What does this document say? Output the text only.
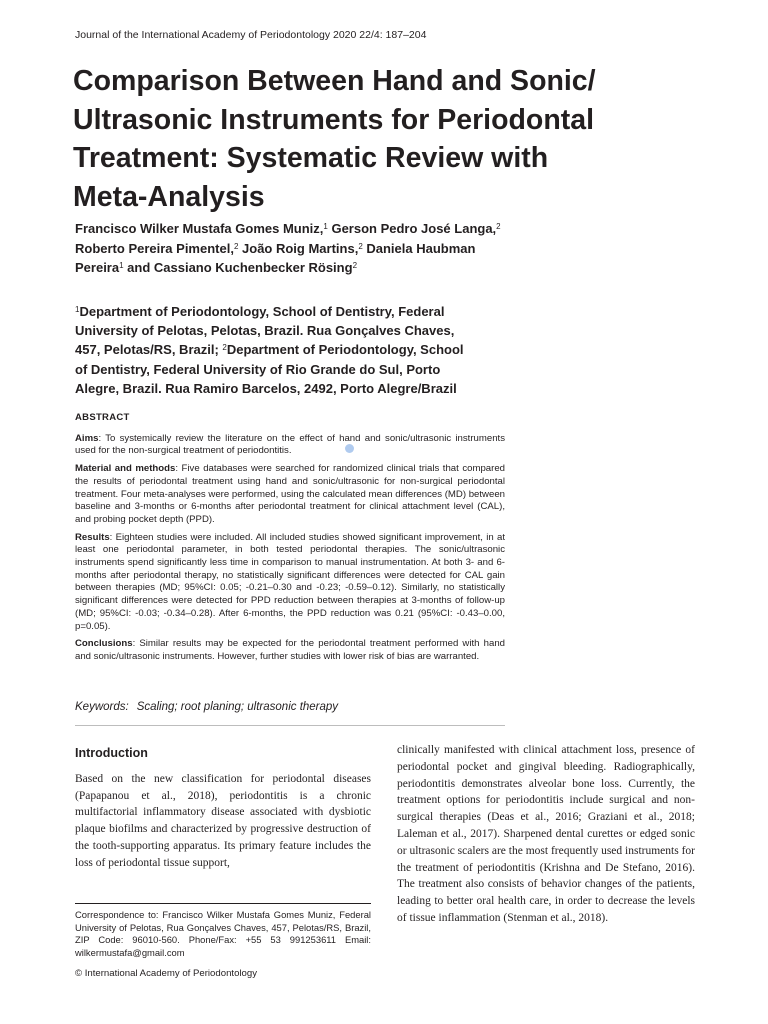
Journal of the International Academy of Periodontology 2020 22/4: 187–204
Comparison Between Hand and Sonic/
Ultrasonic Instruments for Periodontal
Treatment: Systematic Review with
Meta-Analysis
Francisco Wilker Mustafa Gomes Muniz,$^1$ Gerson Pedro José Langa,$^2$ Roberto Pereira Pimentel,$^2$ João Roig Martins,$^2$ Daniela Haubman Pereira$^1$ and Cassiano Kuchenbecker Rösing$^2$
$^1$Department of Periodontology, School of Dentistry, Federal
University of Pelotas, Pelotas, Brazil. Rua Gonçalves Chaves,
457, Pelotas/RS, Brazil; $^2$Department of Periodontology, School
of Dentistry, Federal University of Rio Grande do Sul, Porto
Alegre, Brazil. Rua Ramiro Barcelos, 2492, Porto Alegre/Brazil
ABSTRACT

Aims: To systemically review the literature on the effect of hand and sonic/ultrasonic instruments used for the non-surgical treatment of periodontitis.

Material and methods: Five databases were searched for randomized clinical trials that compared the results of periodontal treatment using hand and sonic/ultrasonic for non-surgical periodontal treatment. Four meta-analyses were performed, using the calculated mean differences (MD) between baseline and 3-months or 6-months after periodontal treatment for clinical attachment level (CAL), and probing pocket depth (PPD).

Results: Eighteen studies were included. All included studies showed significant improvement, in at least one periodontal parameter, in both tested periodontal therapies. The sonic/ultrasonic instruments spend significantly less time in comparison to manual instrumentation. At both 3- and 6-months after periodontal therapy, no statistically significant differences were detected for CAL gain between therapies (MD; 95%CI: 0.05; -0.21–0.30 and -0.23; -0.59–0.12). Similarly, no statistically significant differences were detected for PPD reduction between therapies at 3-months of follow-up (MD; 95%CI: -0.03; -0.34–0.28). After 6-months, the PPD reduction was 0.21 (95%CI: -0.43–0.00, p=0.05).

Conclusions: Similar results may be expected for the periodontal treatment performed with hand and sonic/ultrasonic instruments. However, further studies with lower risk of bias are warranted.

Keywords: Scaling; root planing; ultrasonic therapy
Introduction

Based on the new classification for periodontal diseases (Papapanou et al., 2018), periodontitis is a chronic multifactorial inflammatory disease associated with dysbiotic plaque biofilms and characterized by progressive destruction of the tooth-supporting apparatus. Its primary feature includes the loss of periodontal tissue support,

clinically manifested with clinical attachment loss, presence of periodontal pocket and gingival bleeding. Radiographically, periodontitis demonstrates alveolar bone loss. Currently, the treatment options for periodontitis include surgical and non-surgical therapies (Deas et al., 2016; Graziani et al., 2018; Laleman et al., 2017). Sharpened dental curettes or edged sonic or ultrasonic scalers are the most frequently used instruments for the treatment of periodontitis (Krishna and De Stefano, 2016). The treatment also consists of behavior changes of the patients, leading to better oral health care, in order to decrease the levels of tissue inflammation (Stenman et al., 2018).

Correspondence to: Francisco Wilker Mustafa Gomes Muniz, Federal University of Pelotas, Rua Gonçalves Chaves, 457, Pelotas/RS, Brazil, ZIP Code: 96010-560. Phone/Fax: +55 53 991253611 Email: wilkermustafa@gmail.com
© International Academy of Periodontology
